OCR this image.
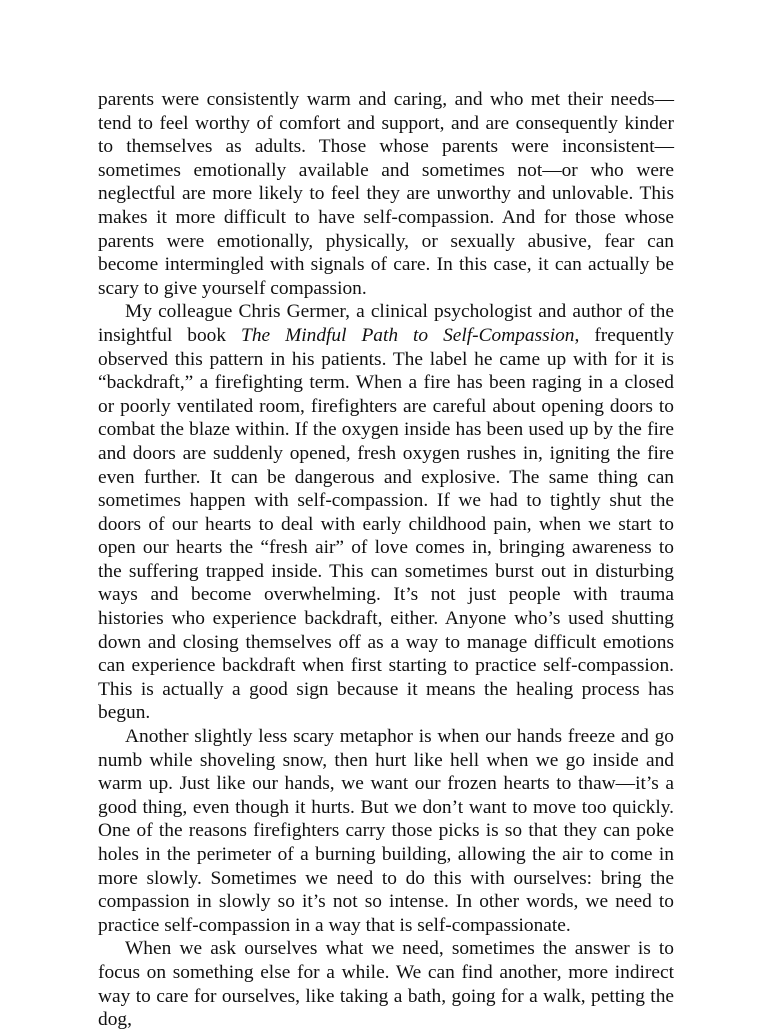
parents were consistently warm and caring, and who met their needs—tend to feel worthy of comfort and support, and are consequently kinder to themselves as adults. Those whose parents were inconsistent—sometimes emotionally available and sometimes not—or who were neglectful are more likely to feel they are unworthy and unlovable. This makes it more difficult to have self-compassion. And for those whose parents were emotionally, physically, or sexually abusive, fear can become intermingled with signals of care. In this case, it can actually be scary to give yourself compassion.

My colleague Chris Germer, a clinical psychologist and author of the insightful book The Mindful Path to Self-Compassion, frequently observed this pattern in his patients. The label he came up with for it is “backdraft,” a firefighting term. When a fire has been raging in a closed or poorly ventilated room, firefighters are careful about opening doors to combat the blaze within. If the oxygen inside has been used up by the fire and doors are suddenly opened, fresh oxygen rushes in, igniting the fire even further. It can be dangerous and explosive. The same thing can sometimes happen with self-compassion. If we had to tightly shut the doors of our hearts to deal with early childhood pain, when we start to open our hearts the “fresh air” of love comes in, bringing awareness to the suffering trapped inside. This can sometimes burst out in disturbing ways and become overwhelming. It’s not just people with trauma histories who experience backdraft, either. Anyone who’s used shutting down and closing themselves off as a way to manage difficult emotions can experience backdraft when first starting to practice self-compassion. This is actually a good sign because it means the healing process has begun.

Another slightly less scary metaphor is when our hands freeze and go numb while shoveling snow, then hurt like hell when we go inside and warm up. Just like our hands, we want our frozen hearts to thaw—it’s a good thing, even though it hurts. But we don’t want to move too quickly. One of the reasons firefighters carry those picks is so that they can poke holes in the perimeter of a burning building, allowing the air to come in more slowly. Sometimes we need to do this with ourselves: bring the compassion in slowly so it’s not so intense. In other words, we need to practice self-compassion in a way that is self-compassionate.

When we ask ourselves what we need, sometimes the answer is to focus on something else for a while. We can find another, more indirect way to care for ourselves, like taking a bath, going for a walk, petting the dog,
